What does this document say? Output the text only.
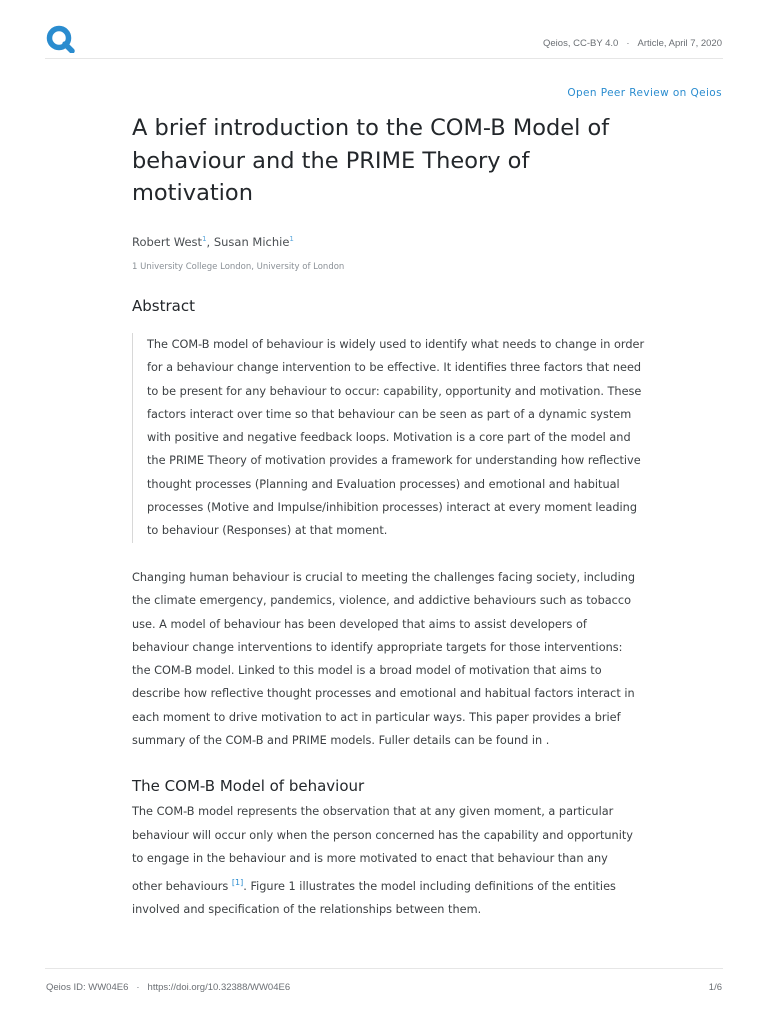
Qeios, CC-BY 4.0 · Article, April 7, 2020
Open Peer Review on Qeios
A brief introduction to the COM-B Model of behaviour and the PRIME Theory of motivation
Robert West$^1$, Susan Michie$^1$
1 University College London, University of London
Abstract

The COM-B model of behaviour is widely used to identify what needs to change in order for a behaviour change intervention to be effective. It identifies three factors that need to be present for any behaviour to occur: capability, opportunity and motivation. These factors interact over time so that behaviour can be seen as part of a dynamic system with positive and negative feedback loops. Motivation is a core part of the model and the PRIME Theory of motivation provides a framework for understanding how reflective thought processes (Planning and Evaluation processes) and emotional and habitual processes (Motive and Impulse/inhibition processes) interact at every moment leading to behaviour (Responses) at that moment.

Changing human behaviour is crucial to meeting the challenges facing society, including the climate emergency, pandemics, violence, and addictive behaviours such as tobacco use. A model of behaviour has been developed that aims to assist developers of behaviour change interventions to identify appropriate targets for those interventions: the COM-B model. Linked to this model is a broad model of motivation that aims to describe how reflective thought processes and emotional and habitual factors interact in each moment to drive motivation to act in particular ways. This paper provides a brief summary of the COM-B and PRIME models. Fuller details can be found in .

The COM-B Model of behaviour

The COM-B model represents the observation that at any given moment, a particular behaviour will occur only when the person concerned has the capability and opportunity to engage in the behaviour and is more motivated to enact that behaviour than any other behaviours [1]. Figure 1 illustrates the model including definitions of the entities involved and specification of the relationships between them.

Qeios ID: WW04E6 · https://doi.org/10.32388/WW04E6	1/6
